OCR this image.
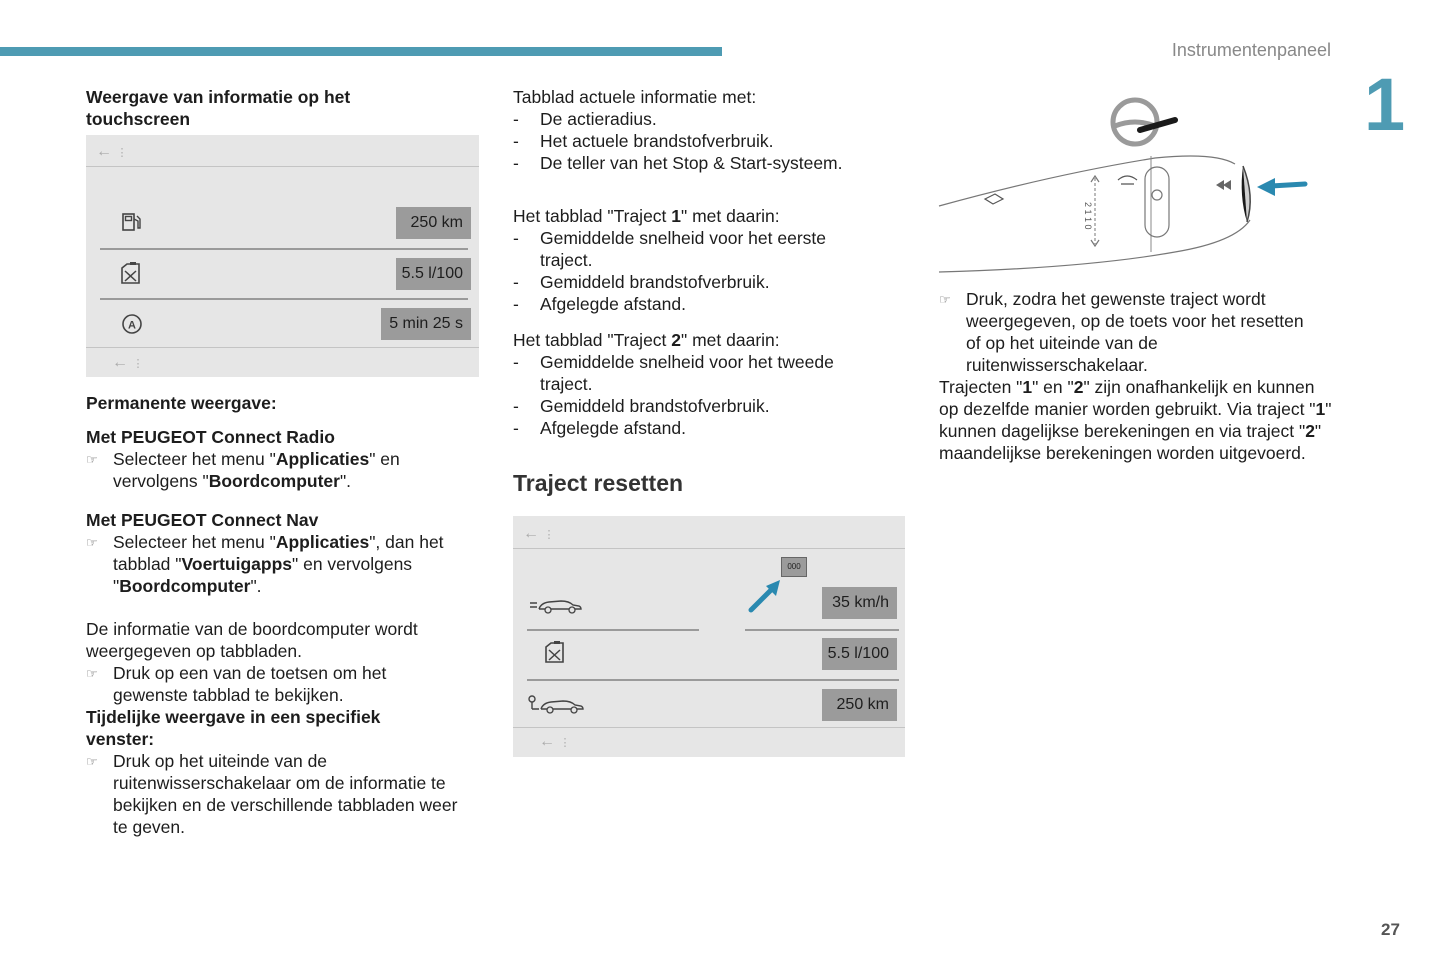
Instrumentenpaneel
1
27
Weergave van informatie op het touchscreen
← ⋮
250 km
5.5 l/100
A	5 min 25 s
← ⋮
Permanente weergave:
Met PEUGEOT Connect Radio
☞ Selecteer het menu "Applicaties" en vervolgens "Boordcomputer".
Met PEUGEOT Connect Nav
☞ Selecteer het menu "Applicaties", dan het tabblad "Voertuigapps" en vervolgens "Boordcomputer".
De informatie van de boordcomputer wordt weergegeven op tabbladen.
☞ Druk op een van de toetsen om het gewenste tabblad te bekijken.
Tijdelijke weergave in een specifiek venster:
☞ Druk op het uiteinde van de ruitenwisserschakelaar om de informatie te bekijken en de verschillende tabbladen weer te geven.
Tabblad actuele informatie met:
- De actieradius.
- Het actuele brandstofverbruik.
- De teller van het Stop & Start-systeem.
Het tabblad "Traject 1" met daarin:
- Gemiddelde snelheid voor het eerste traject.
- Gemiddeld brandstofverbruik.
- Afgelegde afstand.
Het tabblad "Traject 2" met daarin:
- Gemiddelde snelheid voor het tweede traject.
- Gemiddeld brandstofverbruik.
- Afgelegde afstand.
Traject resetten
← ⋮
000
35 km/h
5.5 l/100
250 km
← ⋮
2 1 1 0
☞ Druk, zodra het gewenste traject wordt weergegeven, op de toets voor het resetten of op het uiteinde van de ruitenwisserschakelaar.
Trajecten "1" en "2" zijn onafhankelijk en kunnen op dezelfde manier worden gebruikt. Via traject "1" kunnen dagelijkse berekeningen en via traject "2" maandelijkse berekeningen worden uitgevoerd.
